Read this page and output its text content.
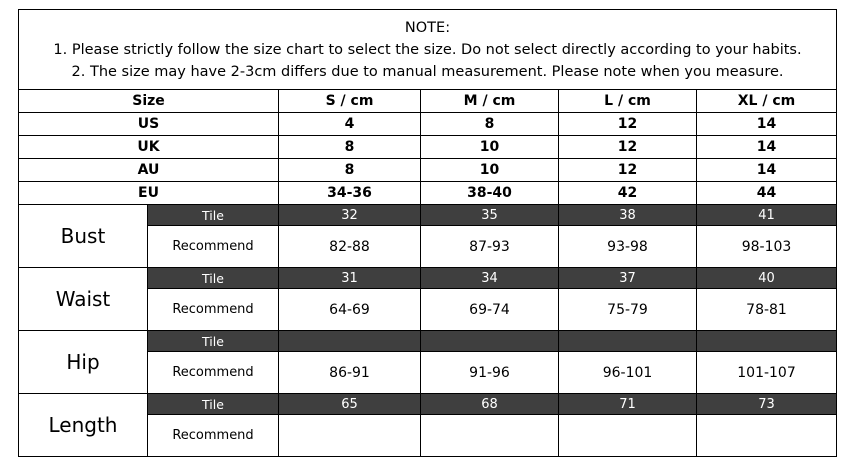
NOTE:
1. Please strictly follow the size chart to select the size. Do not select directly according to your habits.
2. The size may have 2-3cm differs due to manual measurement. Please note when you measure.					

Size		S / cm	M / cm	L / cm	XL / cm
US		4	8	12	14
UK		8	10	12	14
AU		8	10	12	14
EU		34-36	38-40	42	44
Bust	Tile	32	35	38	41
	Recommend	82-88	87-93	93-98	98-103
Waist	Tile	31	34	37	40
	Recommend	64-69	69-74	75-79	78-81
Hip	Tile				
	Recommend	86-91	91-96	96-101	101-107
Length	Tile	65	68	71	73
	Recommend				
